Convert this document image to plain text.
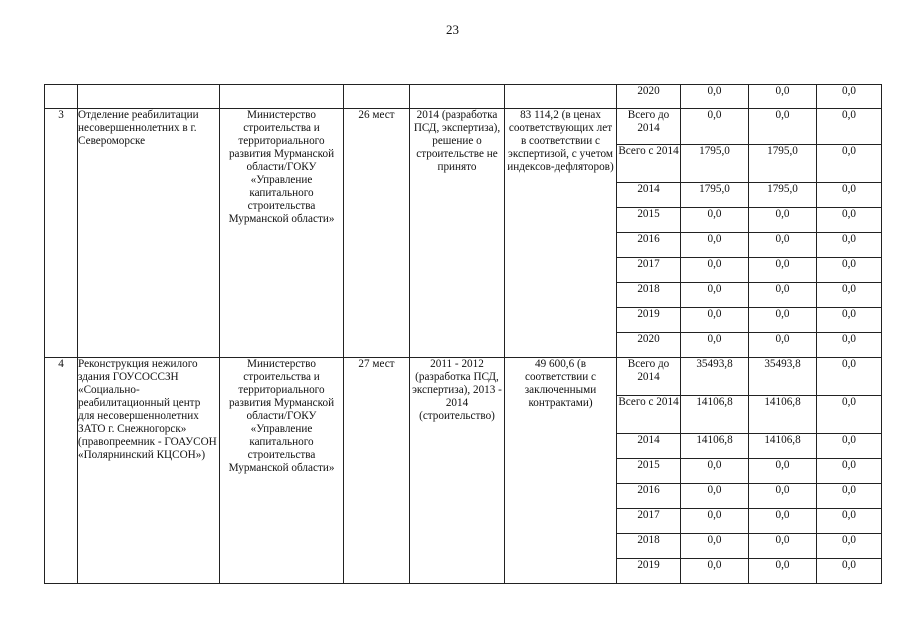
23
						2020	0,0	0,0	0,0
3	Отделение реабилитации несовершеннолетних в г. Североморске	Министерство строительства и территориального развития Мурманской области/ГОКУ «Управление капитального строительства Мурманской области»	26 мест	2014 (разработка ПСД, экспертиза), решение о строительстве не принято	83 114,2 (в ценах соответствующих лет в соответствии с экспертизой, с учетом индексов-дефляторов)	Всего до 2014	0,0	0,0	0,0
						Всего с 2014	1795,0	1795,0	0,0
						2014	1795,0	1795,0	0,0
						2015	0,0	0,0	0,0
						2016	0,0	0,0	0,0
						2017	0,0	0,0	0,0
						2018	0,0	0,0	0,0
						2019	0,0	0,0	0,0
						2020	0,0	0,0	0,0
4	Реконструкция нежилого здания ГОУСОССЗН «Социально-реабилитационный центр для несовершеннолетних ЗАТО г. Снежногорск» (правопреемник - ГОАУСОН «Полярнинский КЦСОН»)	Министерство строительства и территориального развития Мурманской области/ГОКУ «Управление капитального строительства Мурманской области»	27 мест	2011 - 2012 (разработка ПСД, экспертиза), 2013 - 2014 (строительство)	49 600,6 (в соответствии с заключенными контрактами)	Всего до 2014	35493,8	35493,8	0,0
						Всего с 2014	14106,8	14106,8	0,0
						2014	14106,8	14106,8	0,0
						2015	0,0	0,0	0,0
						2016	0,0	0,0	0,0
						2017	0,0	0,0	0,0
						2018	0,0	0,0	0,0
						2019	0,0	0,0	0,0
